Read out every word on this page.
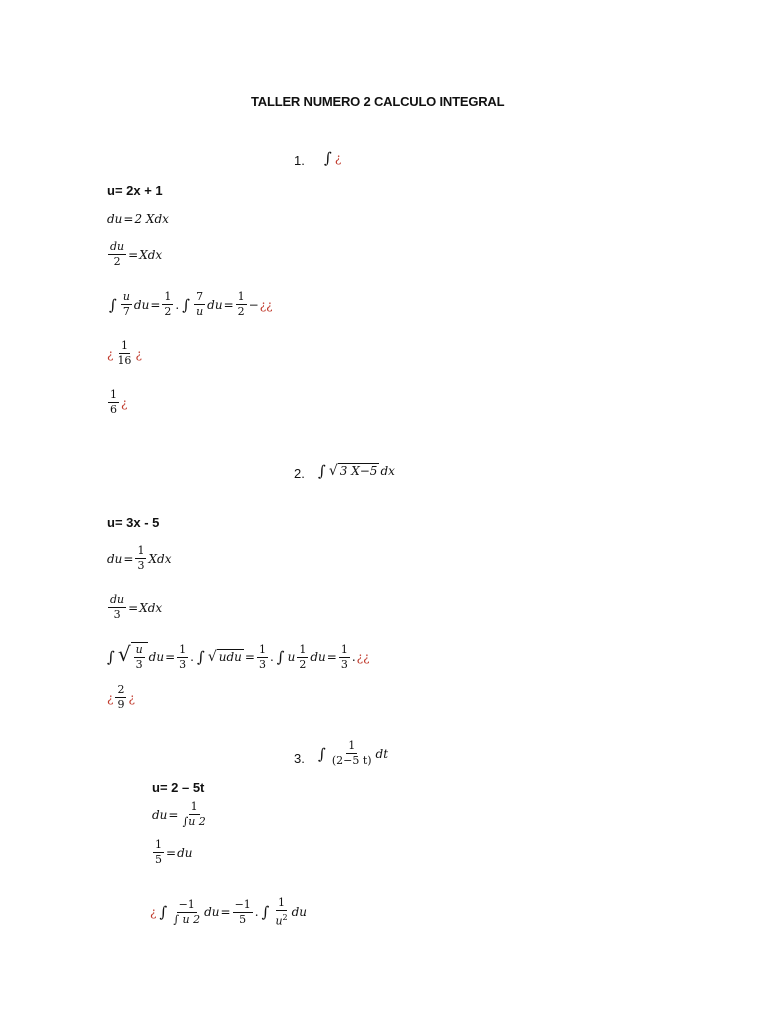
TALLER NUMERO 2 CALCULO INTEGRAL
1. ∫ ¿
u= 2x + 1
du = 2 Xdx
$\frac{du}{2}$ = Xdx
∫ $\frac{u}{7}$ du = $\frac{1}{2}$ . ∫ $\frac{7}{u}$ du = $\frac{1}{2}$ − ¿¿
¿ $\frac{1}{16}$ ¿
$\frac{1}{6}$ ¿
2. ∫ √ 3 X−5 dx
u= 3x - 5
du = $\frac{1}{3}$ Xdx
$\frac{du}{3}$ = Xdx
∫ √ $\frac{u}{3}$ du = $\frac{1}{3}$ . ∫ √ udu = $\frac{1}{3}$ . ∫ u $\frac{1}{2}$ du = $\frac{1}{3}$ . ¿¿
¿ $\frac{2}{9}$ ¿
3. ∫ $\frac{1}{(2-5 t)}$ dt
u= 2 – 5t
du = $\frac{1}{\int u 2}$
$\frac{1}{5}$ = du
¿ ∫ $\frac{-1}{\int u 2}$ du = $\frac{-1}{5}$ . ∫ $\frac{1}{u^2}$ du
